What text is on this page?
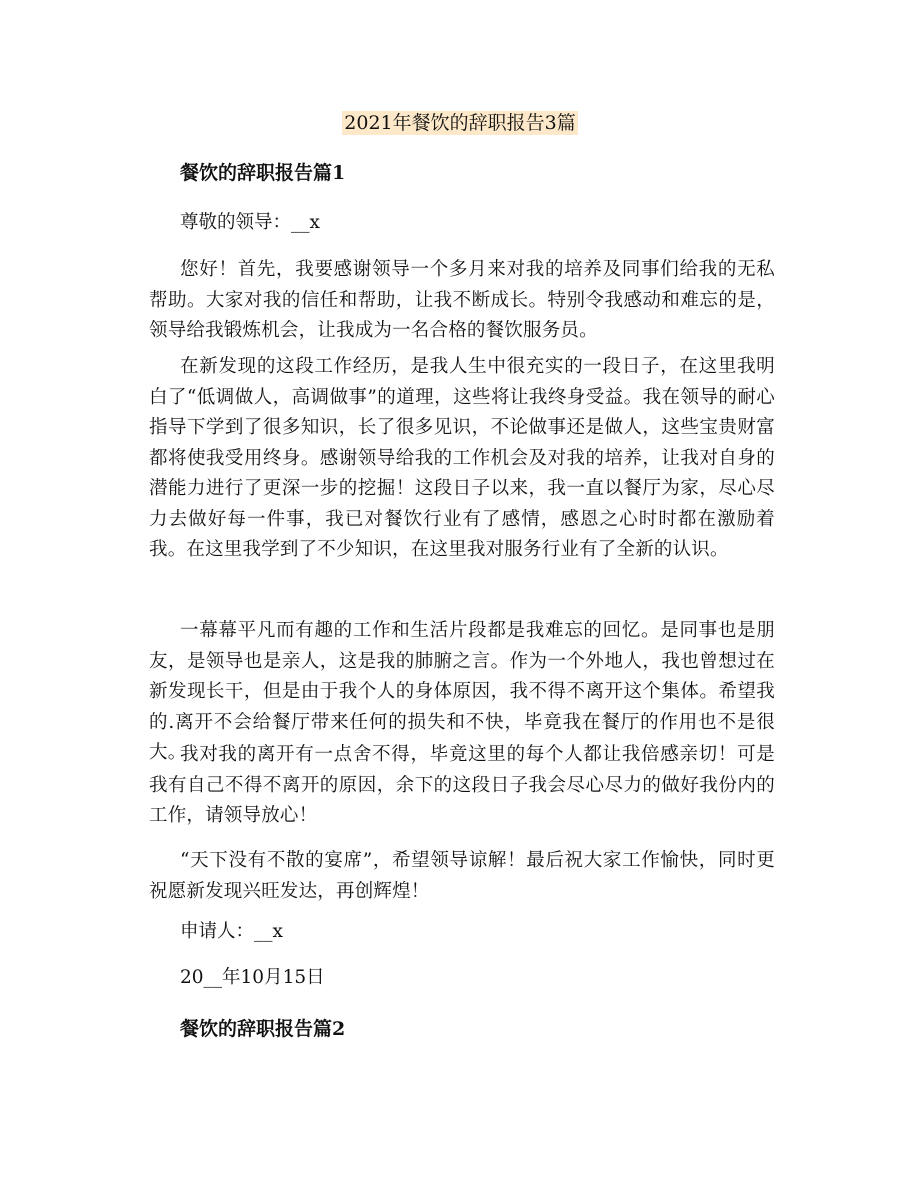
2021年餐饮的辞职报告3篇
餐饮的辞职报告篇1

尊敬的领导：__x

您好！首先，我要感谢领导一个多月来对我的培养及同事们给我的无私帮助。大家对我的信任和帮助，让我不断成长。特别令我感动和难忘的是，领导给我锻炼机会，让我成为一名合格的餐饮服务员。

在新发现的这段工作经历，是我人生中很充实的一段日子，在这里我明白了“低调做人，高调做事”的道理，这些将让我终身受益。我在领导的耐心指导下学到了很多知识，长了很多见识，不论做事还是做人，这些宝贵财富都将使我受用终身。感谢领导给我的工作机会及对我的培养，让我对自身的潜能力进行了更深一步的挖掘！这段日子以来，我一直以餐厅为家，尽心尽力去做好每一件事，我已对餐饮行业有了感情，感恩之心时时都在激励着我。在这里我学到了不少知识，在这里我对服务行业有了全新的认识。

一幕幕平凡而有趣的工作和生活片段都是我难忘的回忆。是同事也是朋友，是领导也是亲人，这是我的肺腑之言。作为一个外地人，我也曾想过在新发现长干，但是由于我个人的身体原因，我不得不离开这个集体。希望我的.离开不会给餐厅带来任何的损失和不快，毕竟我在餐厅的作用也不是很大。

我对我的离开有一点舍不得，毕竟这里的每个人都让我倍感亲切！可是我有自己不得不离开的原因，余下的这段日子我会尽心尽力的做好我份内的工作，请领导放心！

“天下没有不散的宴席”，希望领导谅解！最后祝大家工作愉快，同时更祝愿新发现兴旺发达，再创辉煌！

申请人：__x

20__年10月15日

餐饮的辞职报告篇2
